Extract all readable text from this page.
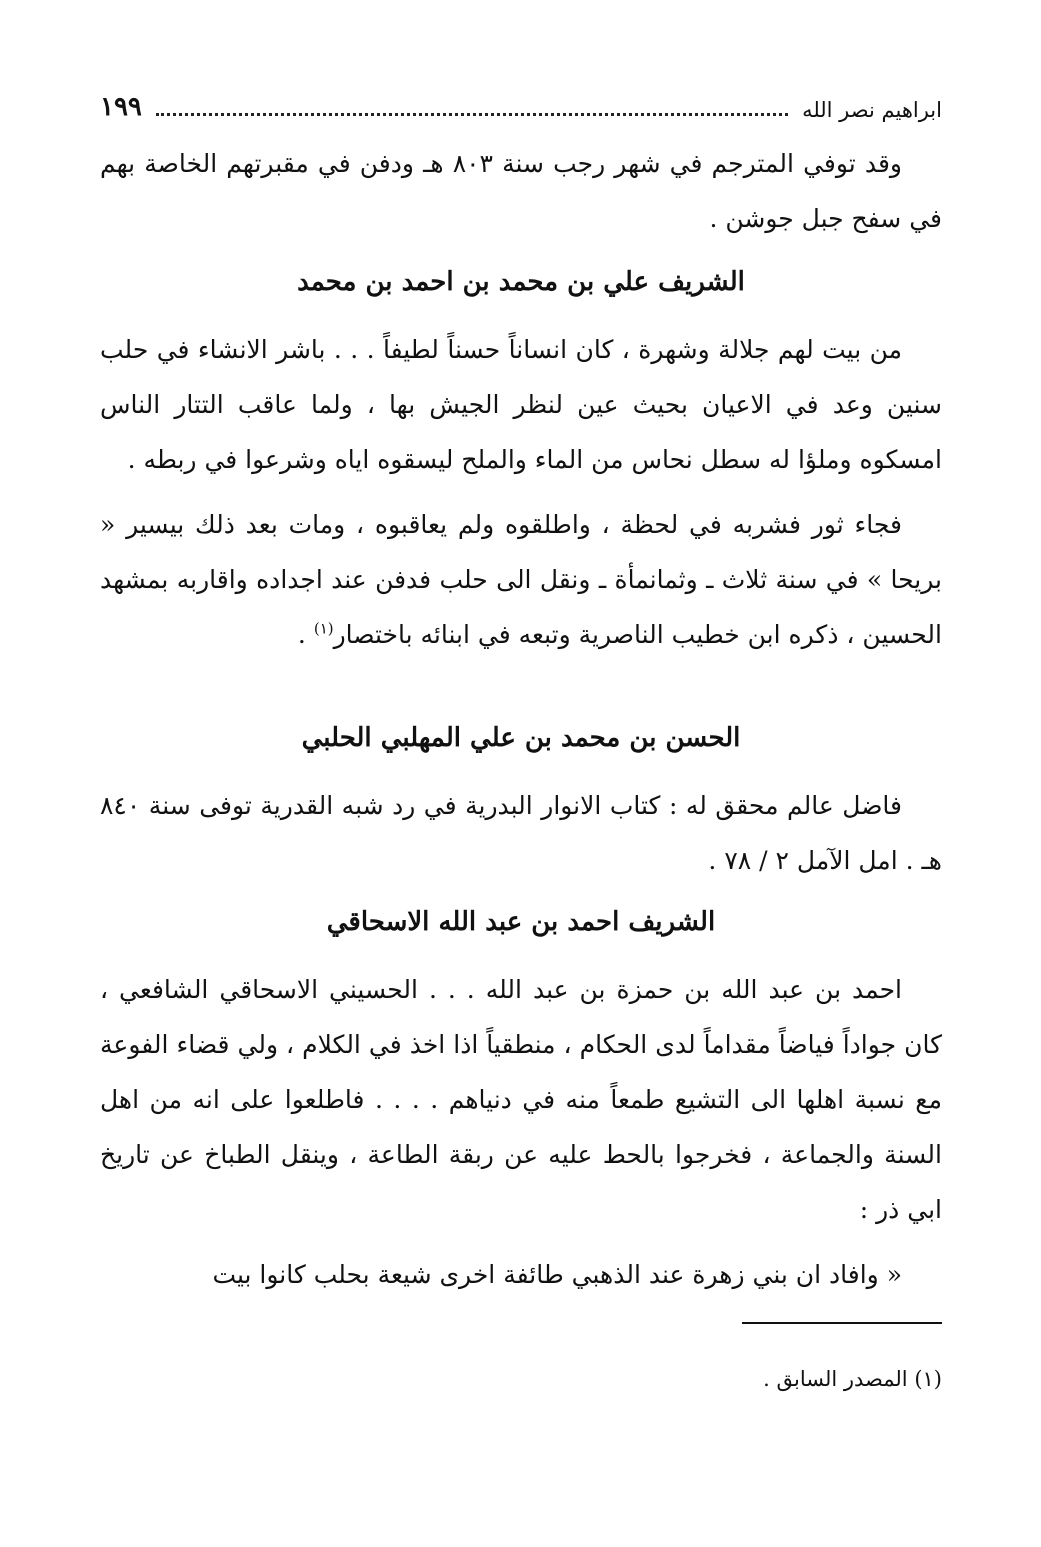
ابراهيم نصر الله
١٩٩

وقد توفي المترجم في شهر رجب سنة ٨٠٣ هـ ودفن في مقبرتهم الخاصة بهم في سفح جبل جوشن .

الشريف علي بن محمد بن احمد بن محمد

من بيت لهم جلالة وشهرة ، كان انساناً حسناً لطيفاً . . . باشر الانشاء في حلب سنين وعد في الاعيان بحيث عين لنظر الجيش بها ، ولما عاقب التتار الناس امسكوه وملؤا له سطل نحاس من الماء والملح ليسقوه اياه وشرعوا في ربطه .

فجاء ثور فشربه في لحظة ، واطلقوه ولم يعاقبوه ، ومات بعد ذلك بيسير « بريحا » في سنة ثلاث ـ وثمانمأة ـ ونقل الى حلب فدفن عند اجداده واقاربه بمشهد الحسين ، ذكره ابن خطيب الناصرية وتبعه في ابنائه باختصار$^{(١)}$ .

الحسن بن محمد بن علي المهلبي الحلبي

فاضل عالم محقق له : كتاب الانوار البدرية في رد شبه القدرية توفى سنة ٨٤٠ هـ . امل الآمل ٢ / ٧٨ .

الشريف احمد بن عبد الله الاسحاقي

احمد بن عبد الله بن حمزة بن عبد الله . . . الحسيني الاسحاقي الشافعي ، كان جواداً فياضاً مقداماً لدى الحكام ، منطقياً اذا اخذ في الكلام ، ولي قضاء الفوعة مع نسبة اهلها الى التشيع طمعاً منه في دنياهم . . . . فاطلعوا على انه من اهل السنة والجماعة ، فخرجوا بالحط عليه عن ربقة الطاعة ، وينقل الطباخ عن تاريخ ابي ذر :

« وافاد ان بني زهرة عند الذهبي طائفة اخرى شيعة بحلب كانوا بيت

(١) المصدر السابق .
